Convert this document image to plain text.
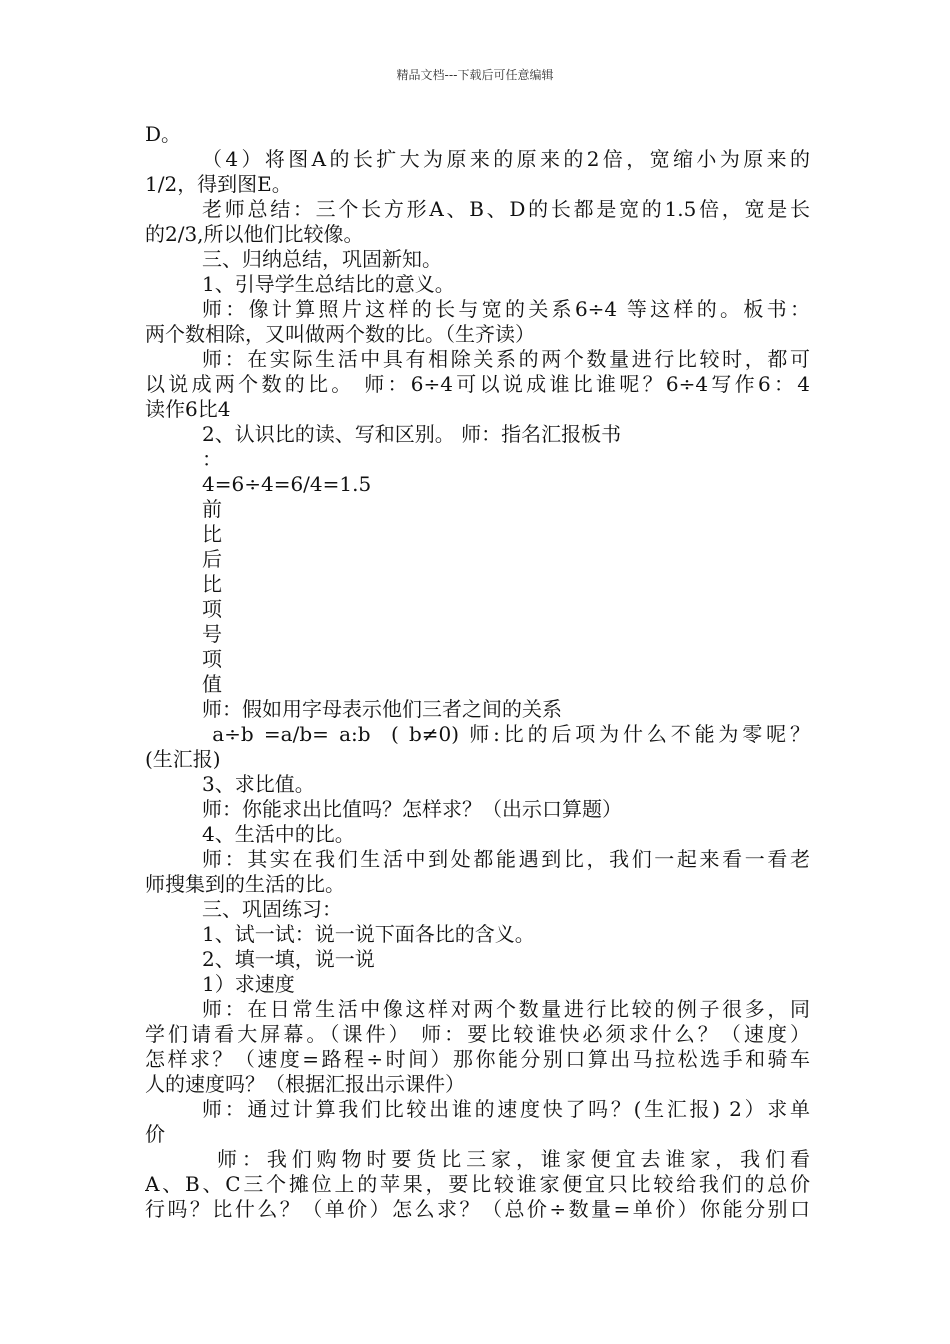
精品文档---下载后可任意编辑
D。
（4）将图A的长扩大为原来的原来的2倍，宽缩小为原来的
1/2，得到图E。
老师总结：三个长方形A、B、D的长都是宽的1.5倍，宽是长
的2/3,所以他们比较像。
三、归纳总结，巩固新知。
1、引导学生总结比的意义。
师：像计算照片这样的长与宽的关系6÷4 等这样的。板书：
两个数相除，又叫做两个数的比。（生齐读）
师：在实际生活中具有相除关系的两个数量进行比较时，都可
以说成两个数的比。 师：6÷4可以说成谁比谁呢？6÷4写作6：4
读作6比4
2、认识比的读、写和区别。 师：指名汇报板书
：
4=6÷4=6/4=1.5
前
比
后
比
项
号
项
值
师：假如用字母表示他们三者之间的关系
a÷b =a/b= a:b  ( b≠0) 师:比的后项为什么不能为零呢？
(生汇报)
3、求比值。
师：你能求出比值吗？怎样求？（出示口算题）
4、生活中的比。
师：其实在我们生活中到处都能遇到比，我们一起来看一看老
师搜集到的生活的比。
三、巩固练习：
1、试一试：说一说下面各比的含义。
2、填一填，说一说
1）求速度
师：在日常生活中像这样对两个数量进行比较的例子很多，同
学们请看大屏幕。（课件） 师：要比较谁快必须求什么？（速度）
怎样求？（速度=路程÷时间）那你能分别口算出马拉松选手和骑车
人的速度吗？（根据汇报出示课件）
师：通过计算我们比较出谁的速度快了吗？(生汇报) 2）求单
价
师：我们购物时要货比三家，谁家便宜去谁家，我们看
A、B、C三个摊位上的苹果，要比较谁家便宜只比较给我们的总价
行吗？比什么？（单价）怎么求？（总价÷数量=单价）你能分别口
